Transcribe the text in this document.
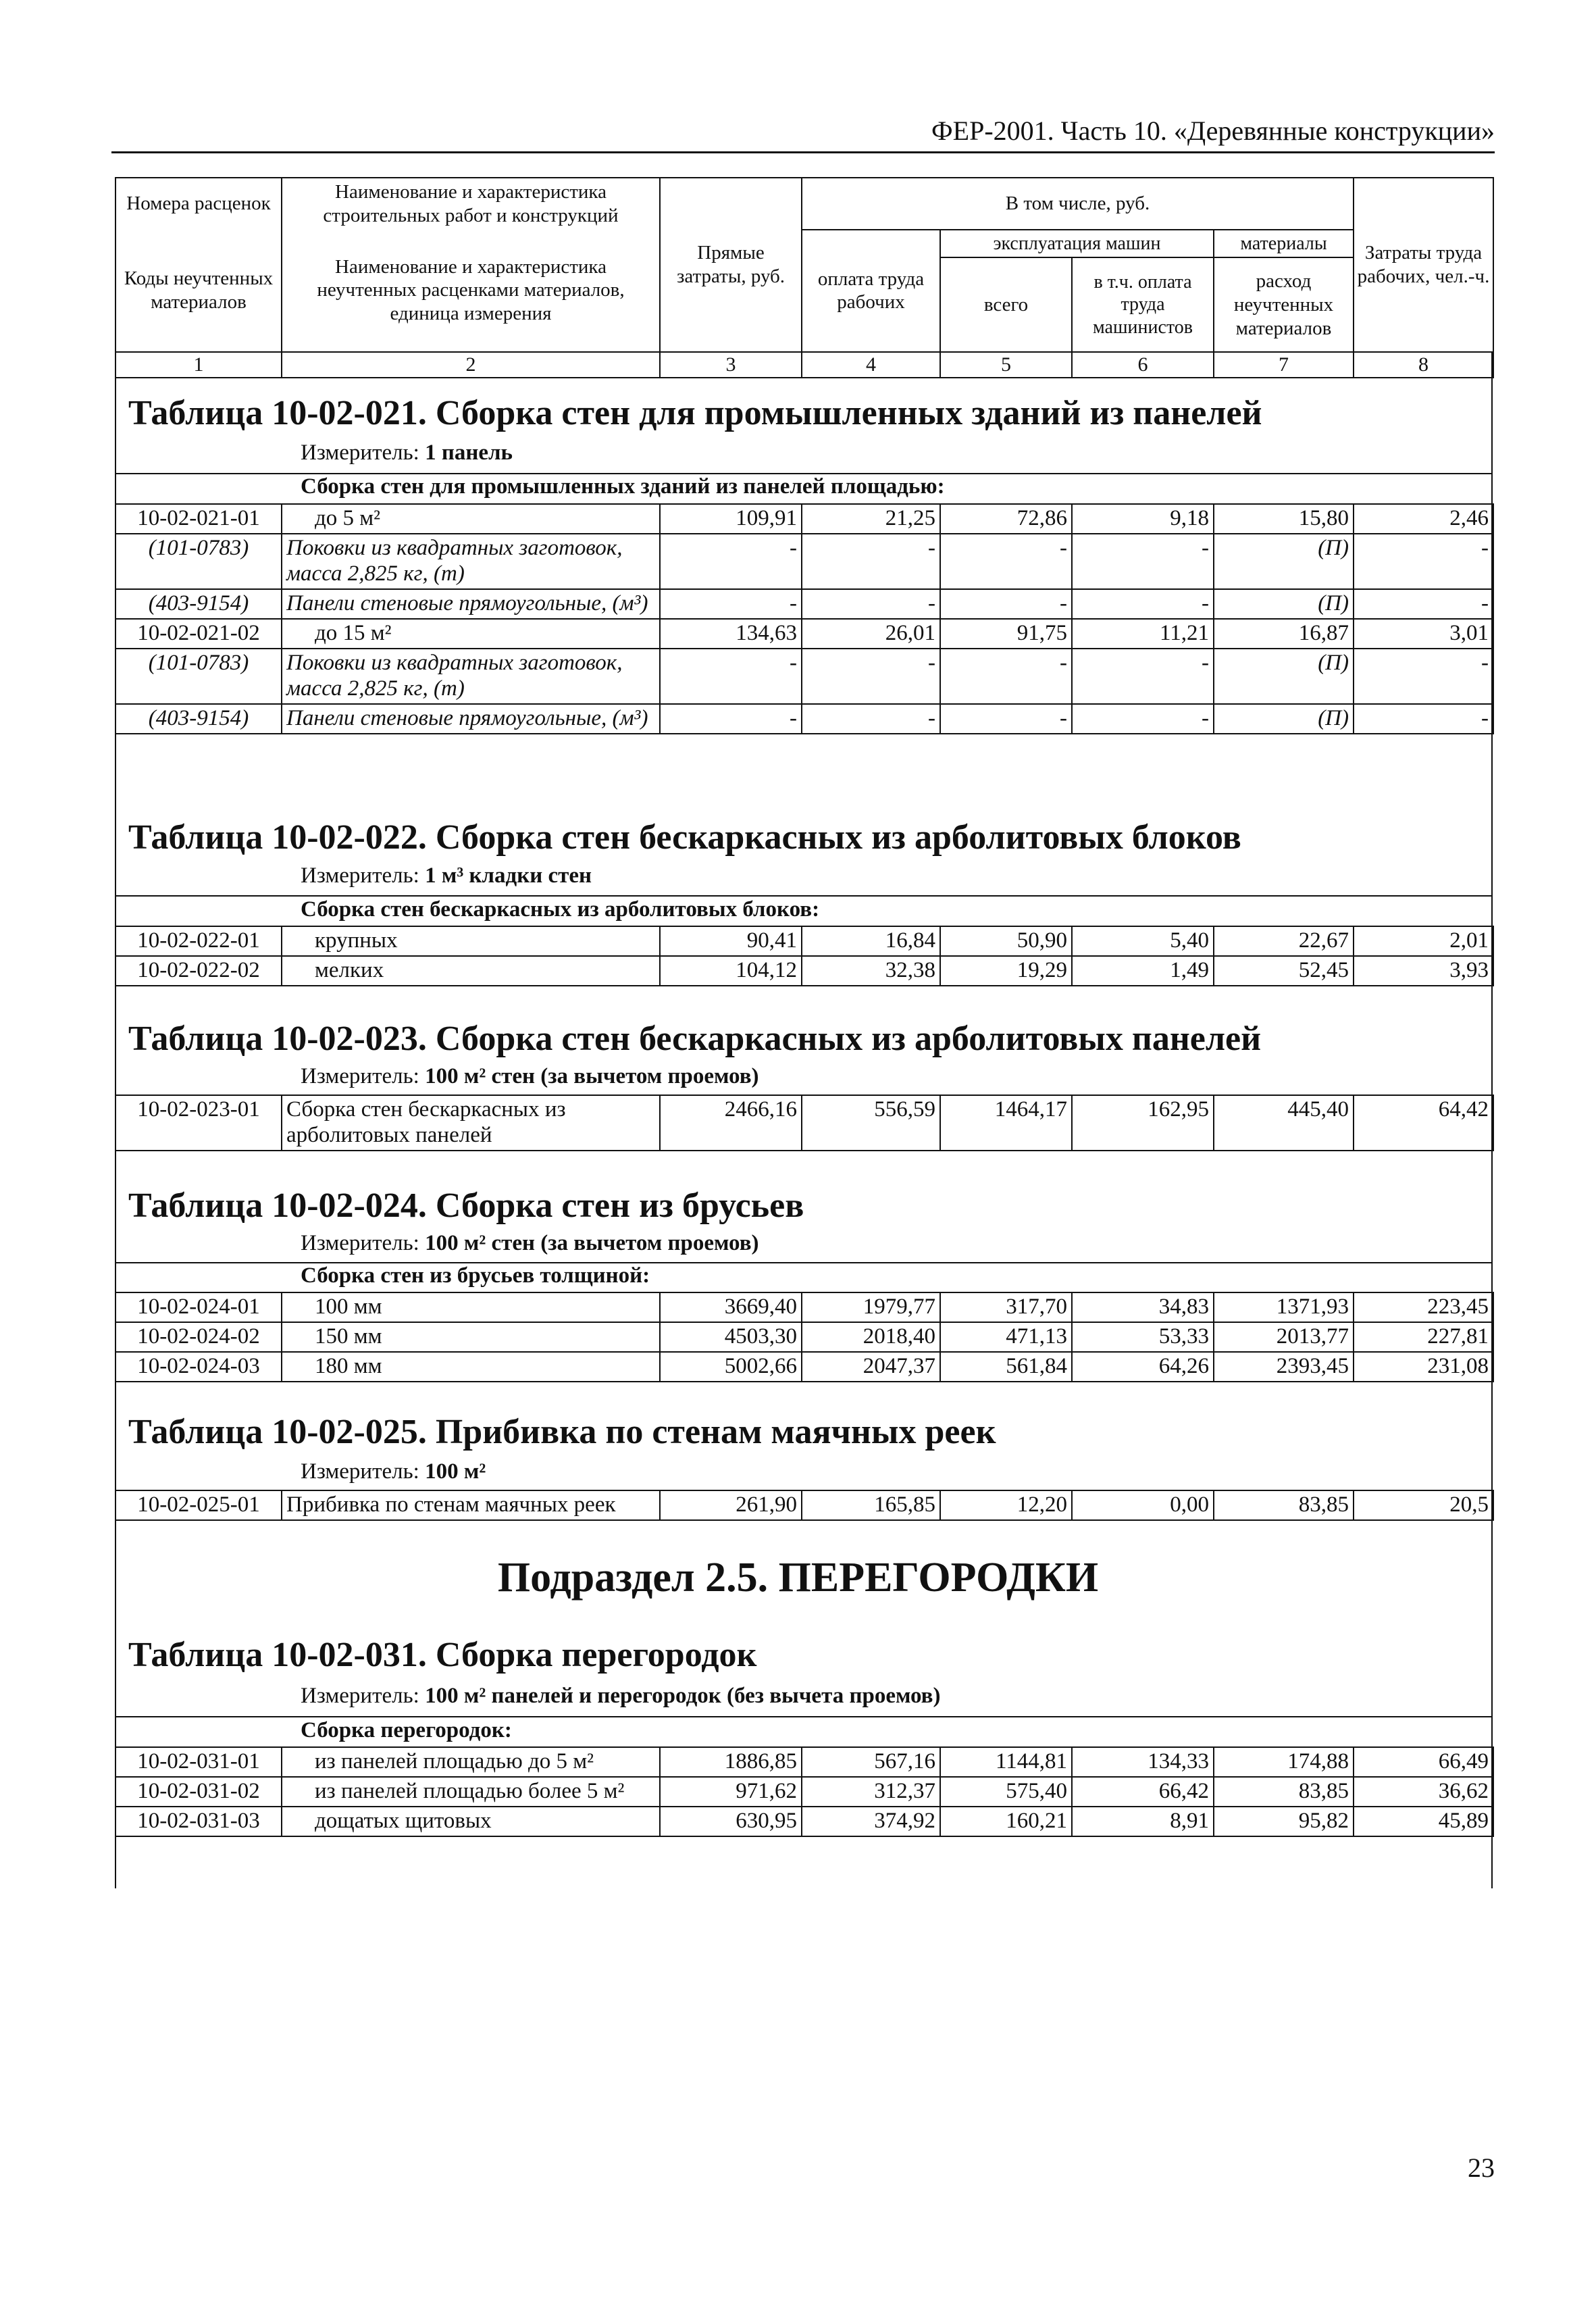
ФЕР-2001. Часть 10. «Деревянные конструкции»
Номера расценок	Наименование и характеристика строительных работ и конструкций	Прямые затраты, руб.	В том числе, руб.				Затраты труда рабочих, чел.-ч.
Коды неучтенных материалов	Наименование и характеристика неучтенных расценками материалов, единица измерения		оплата труда рабочих	эксплуатация машин		материалы	
				всего	в т.ч. оплата труда машинистов	расход неучтенных материалов	
1	2	3	4	5	6	7	8
Таблица 10-02-021. Сборка стен для промышленных зданий из панелей
Измеритель: 1 панель
Сборка стен для промышленных зданий из панелей площадью:
10-02-021-01	до 5 м²	109,91	21,25	72,86	9,18	15,80	2,46
(101-0783)	Поковки из квадратных заготовок, масса 2,825 кг, (т)	-	-	-	-	(П)	-
(403-9154)	Панели стеновые прямоугольные, (м³)	-	-	-	-	(П)	-
10-02-021-02	до 15 м²	134,63	26,01	91,75	11,21	16,87	3,01
(101-0783)	Поковки из квадратных заготовок, масса 2,825 кг, (т)	-	-	-	-	(П)	-
(403-9154)	Панели стеновые прямоугольные, (м³)	-	-	-	-	(П)	-
Таблица 10-02-022. Сборка стен бескаркасных из арболитовых блоков
Измеритель: 1 м³ кладки стен
Сборка стен бескаркасных из арболитовых блоков:
10-02-022-01	крупных	90,41	16,84	50,90	5,40	22,67	2,01
10-02-022-02	мелких	104,12	32,38	19,29	1,49	52,45	3,93
Таблица 10-02-023. Сборка стен бескаркасных из арболитовых панелей
Измеритель: 100 м² стен (за вычетом проемов)
10-02-023-01	Сборка стен бескаркасных из арболитовых панелей	2466,16	556,59	1464,17	162,95	445,40	64,42
Таблица 10-02-024. Сборка стен из брусьев
Измеритель: 100 м² стен (за вычетом проемов)
Сборка стен из брусьев толщиной:
10-02-024-01	100 мм	3669,40	1979,77	317,70	34,83	1371,93	223,45
10-02-024-02	150 мм	4503,30	2018,40	471,13	53,33	2013,77	227,81
10-02-024-03	180 мм	5002,66	2047,37	561,84	64,26	2393,45	231,08
Таблица 10-02-025. Прибивка по стенам маячных реек
Измеритель: 100 м²
10-02-025-01	Прибивка по стенам маячных реек	261,90	165,85	12,20	0,00	83,85	20,5
Подраздел 2.5. ПЕРЕГОРОДКИ
Таблица 10-02-031. Сборка перегородок
Измеритель: 100 м² панелей и перегородок (без вычета проемов)
Сборка перегородок:
10-02-031-01	из панелей площадью до 5 м²	1886,85	567,16	1144,81	134,33	174,88	66,49
10-02-031-02	из панелей площадью более 5 м²	971,62	312,37	575,40	66,42	83,85	36,62
10-02-031-03	дощатых щитовых	630,95	374,92	160,21	8,91	95,82	45,89
23
